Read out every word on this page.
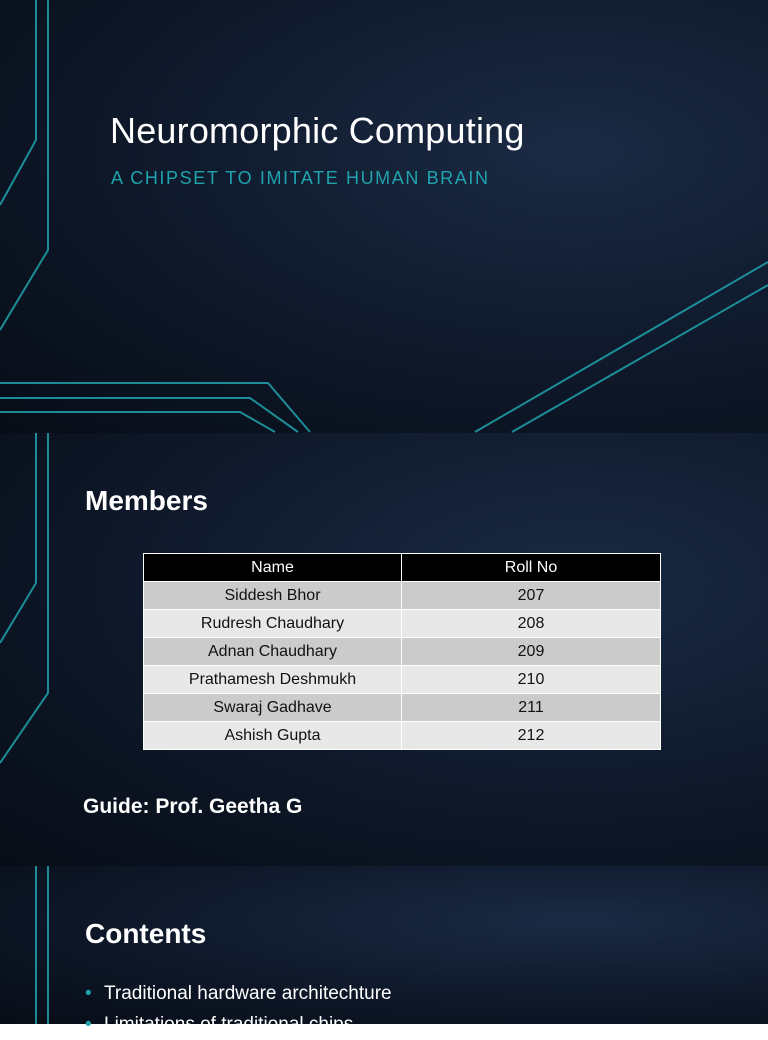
Neuromorphic Computing
A CHIPSET TO IMITATE HUMAN BRAIN
Members
Name	Roll No
Siddesh Bhor	207
Rudresh Chaudhary	208
Adnan Chaudhary	209
Prathamesh Deshmukh	210
Swaraj Gadhave	211
Ashish Gupta	212
Guide: Prof. Geetha G
Contents
• Traditional hardware architechture
• Limitations of traditional chips
